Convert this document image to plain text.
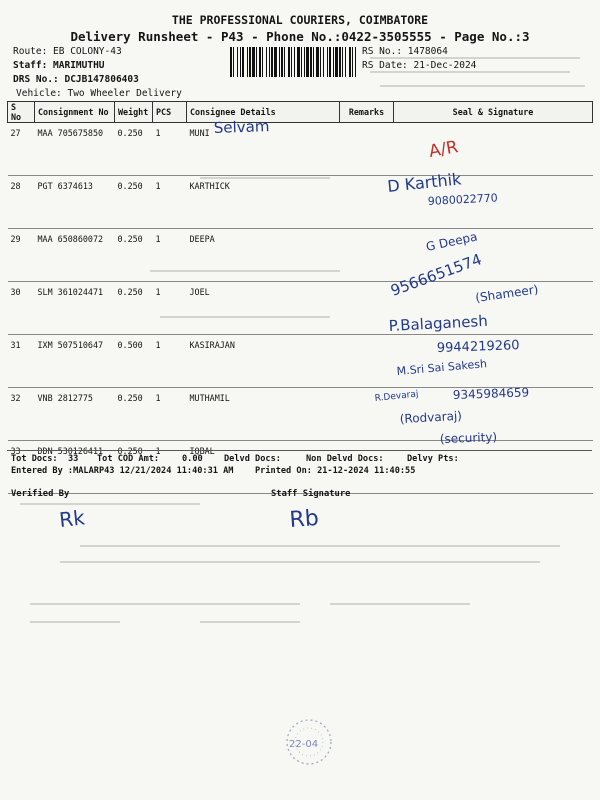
THE PROFESSIONAL COURIERS, COIMBATORE
Delivery Runsheet - P43 - Phone No.:0422-3505555 - Page No.:3
Route: EB COLONY-43
Staff: MARIMUTHU
DRS No.: DCJB147806403
Vehicle: Two Wheeler Delivery
RS No.: 1478064
RS Date: 21-Dec-2024
S No	Consignment No	Weight	PCS	Consignee Details	Remarks	Seal & Signature
27	MAA 705675850	0.250	1	MUNI		
28	PGT 6374613	0.250	1	KARTHICK		
29	MAA 650860072	0.250	1	DEEPA		
30	SLM 361024471	0.250	1	JOEL		
31	IXM 507510647	0.500	1	KASIRAJAN		
32	VNB 2812775	0.250	1	MUTHAMIL		
33	DDN 530126411	0.250	1	IQBAL		
Tot Docs: 33 Tot COD Amt:	0.00 Delvd Docs:	Non Delvd Docs:	Delvy Pts:
Entered By :MALARP43 12/21/2024 11:40:31 AM	Printed On: 21-12-2024 11:40:55
Verified By	Staff Signature
Selvam
A/R
D Karthik
9080022770
G Deepa
9566651574
(Shameer)
P.Balaganesh
9944219260
M.Sri Sai Sakesh
R.Devaraj	9345984659
(Rodvaraj)
(security)
Rk	Rb
22-04
